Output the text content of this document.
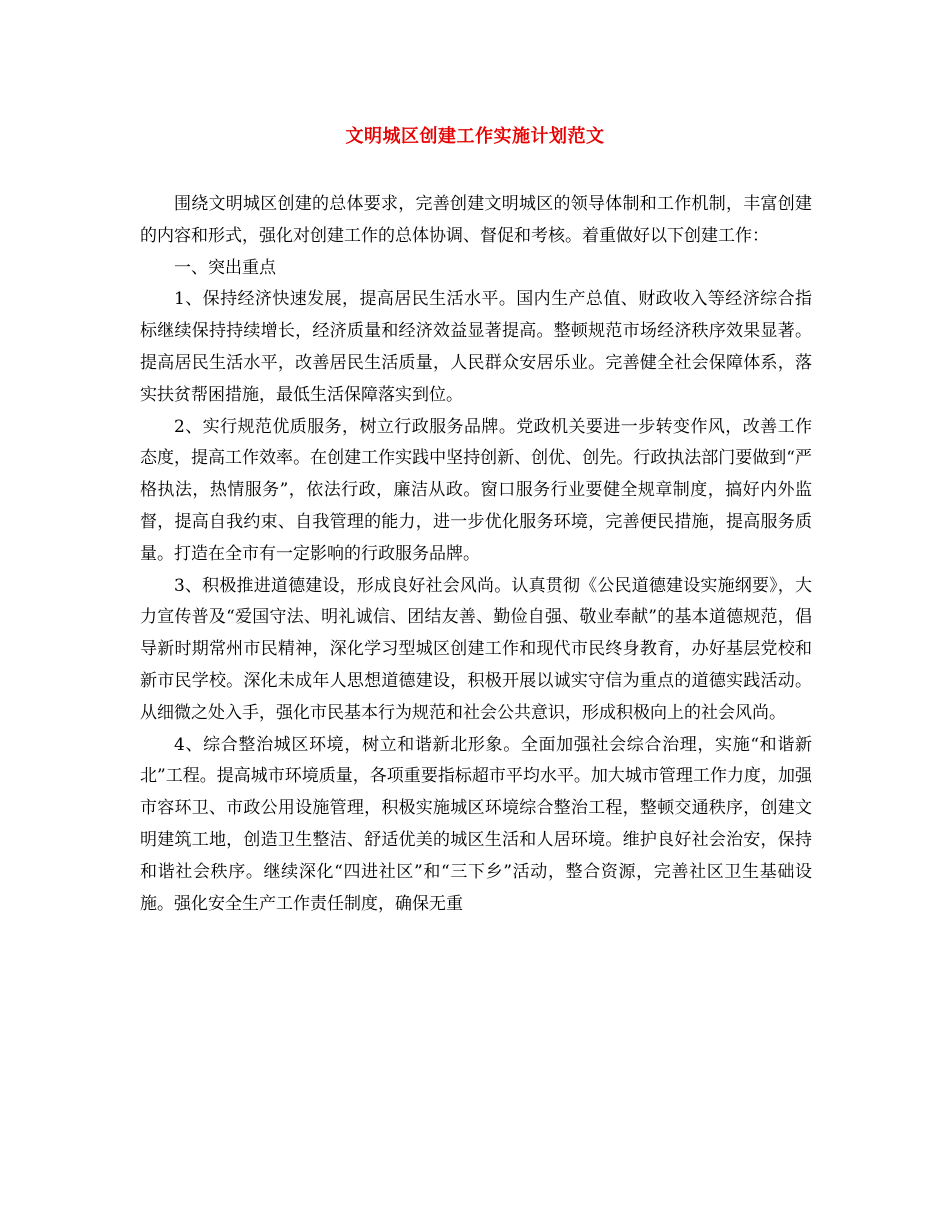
文明城区创建工作实施计划范文

围绕文明城区创建的总体要求，完善创建文明城区的领导体制和工作机制，丰富创建的内容和形式，强化对创建工作的总体协调、督促和考核。着重做好以下创建工作：

一、突出重点

1、保持经济快速发展，提高居民生活水平。国内生产总值、财政收入等经济综合指标继续保持持续增长，经济质量和经济效益显著提高。整顿规范市场经济秩序效果显著。提高居民生活水平，改善居民生活质量，人民群众安居乐业。完善健全社会保障体系，落实扶贫帮困措施，最低生活保障落实到位。

2、实行规范优质服务，树立行政服务品牌。党政机关要进一步转变作风，改善工作态度，提高工作效率。在创建工作实践中坚持创新、创优、创先。行政执法部门要做到“严格执法，热情服务”，依法行政，廉洁从政。窗口服务行业要健全规章制度，搞好内外监督，提高自我约束、自我管理的能力，进一步优化服务环境，完善便民措施，提高服务质量。打造在全市有一定影响的行政服务品牌。

3、积极推进道德建设，形成良好社会风尚。认真贯彻《公民道德建设实施纲要》，大力宣传普及“爱国守法、明礼诚信、团结友善、勤俭自强、敬业奉献”的基本道德规范，倡导新时期常州市民精神，深化学习型城区创建工作和现代市民终身教育，办好基层党校和新市民学校。深化未成年人思想道德建设，积极开展以诚实守信为重点的道德实践活动。从细微之处入手，强化市民基本行为规范和社会公共意识，形成积极向上的社会风尚。

4、综合整治城区环境，树立和谐新北形象。全面加强社会综合治理，实施“和谐新北”工程。提高城市环境质量，各项重要指标超市平均水平。加大城市管理工作力度，加强市容环卫、市政公用设施管理，积极实施城区环境综合整治工程，整顿交通秩序，创建文明建筑工地，创造卫生整洁、舒适优美的城区生活和人居环境。维护良好社会治安，保持和谐社会秩序。继续深化“四进社区”和“三下乡”活动，整合资源，完善社区卫生基础设施。强化安全生产工作责任制度，确保无重
